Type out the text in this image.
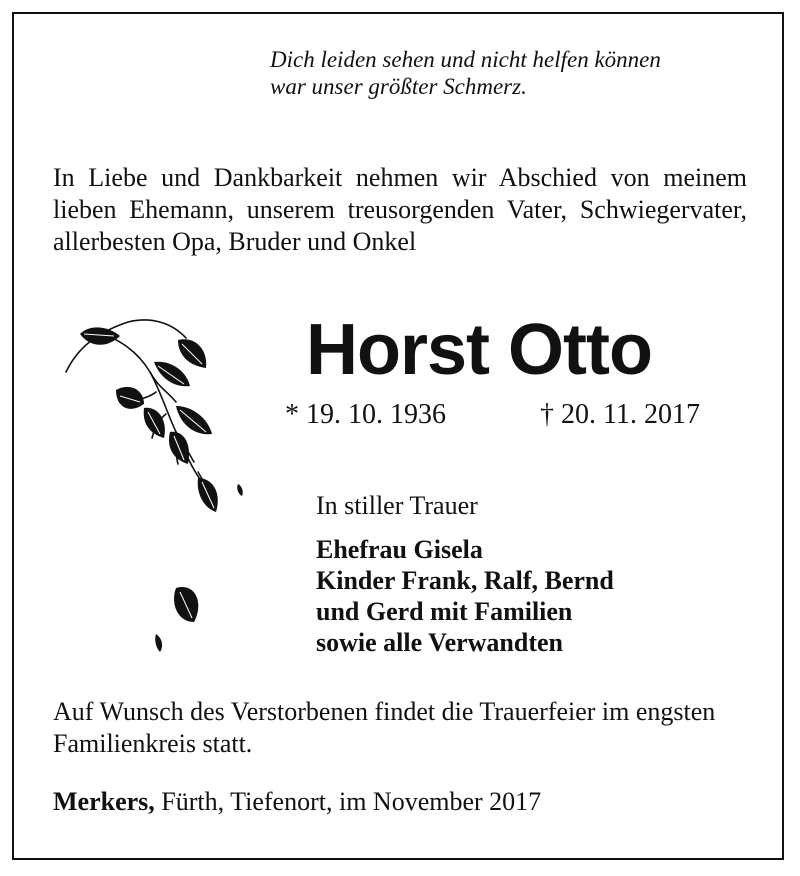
Dich leiden sehen und nicht helfen können
war unser größter Schmerz.
In Liebe und Dankbarkeit nehmen wir Abschied von meinem lieben Ehemann, unserem treusorgenden Vater, Schwiegervater, allerbesten Opa, Bruder und Onkel
Horst Otto
* 19. 10. 1936	† 20. 11. 2017
In stiller Trauer
Ehefrau Gisela
Kinder Frank, Ralf, Bernd
und Gerd mit Familien
sowie alle Verwandten
Auf Wunsch des Verstorbenen findet die Trauerfeier im engsten Familienkreis statt.
Merkers, Fürth, Tiefenort, im November 2017
